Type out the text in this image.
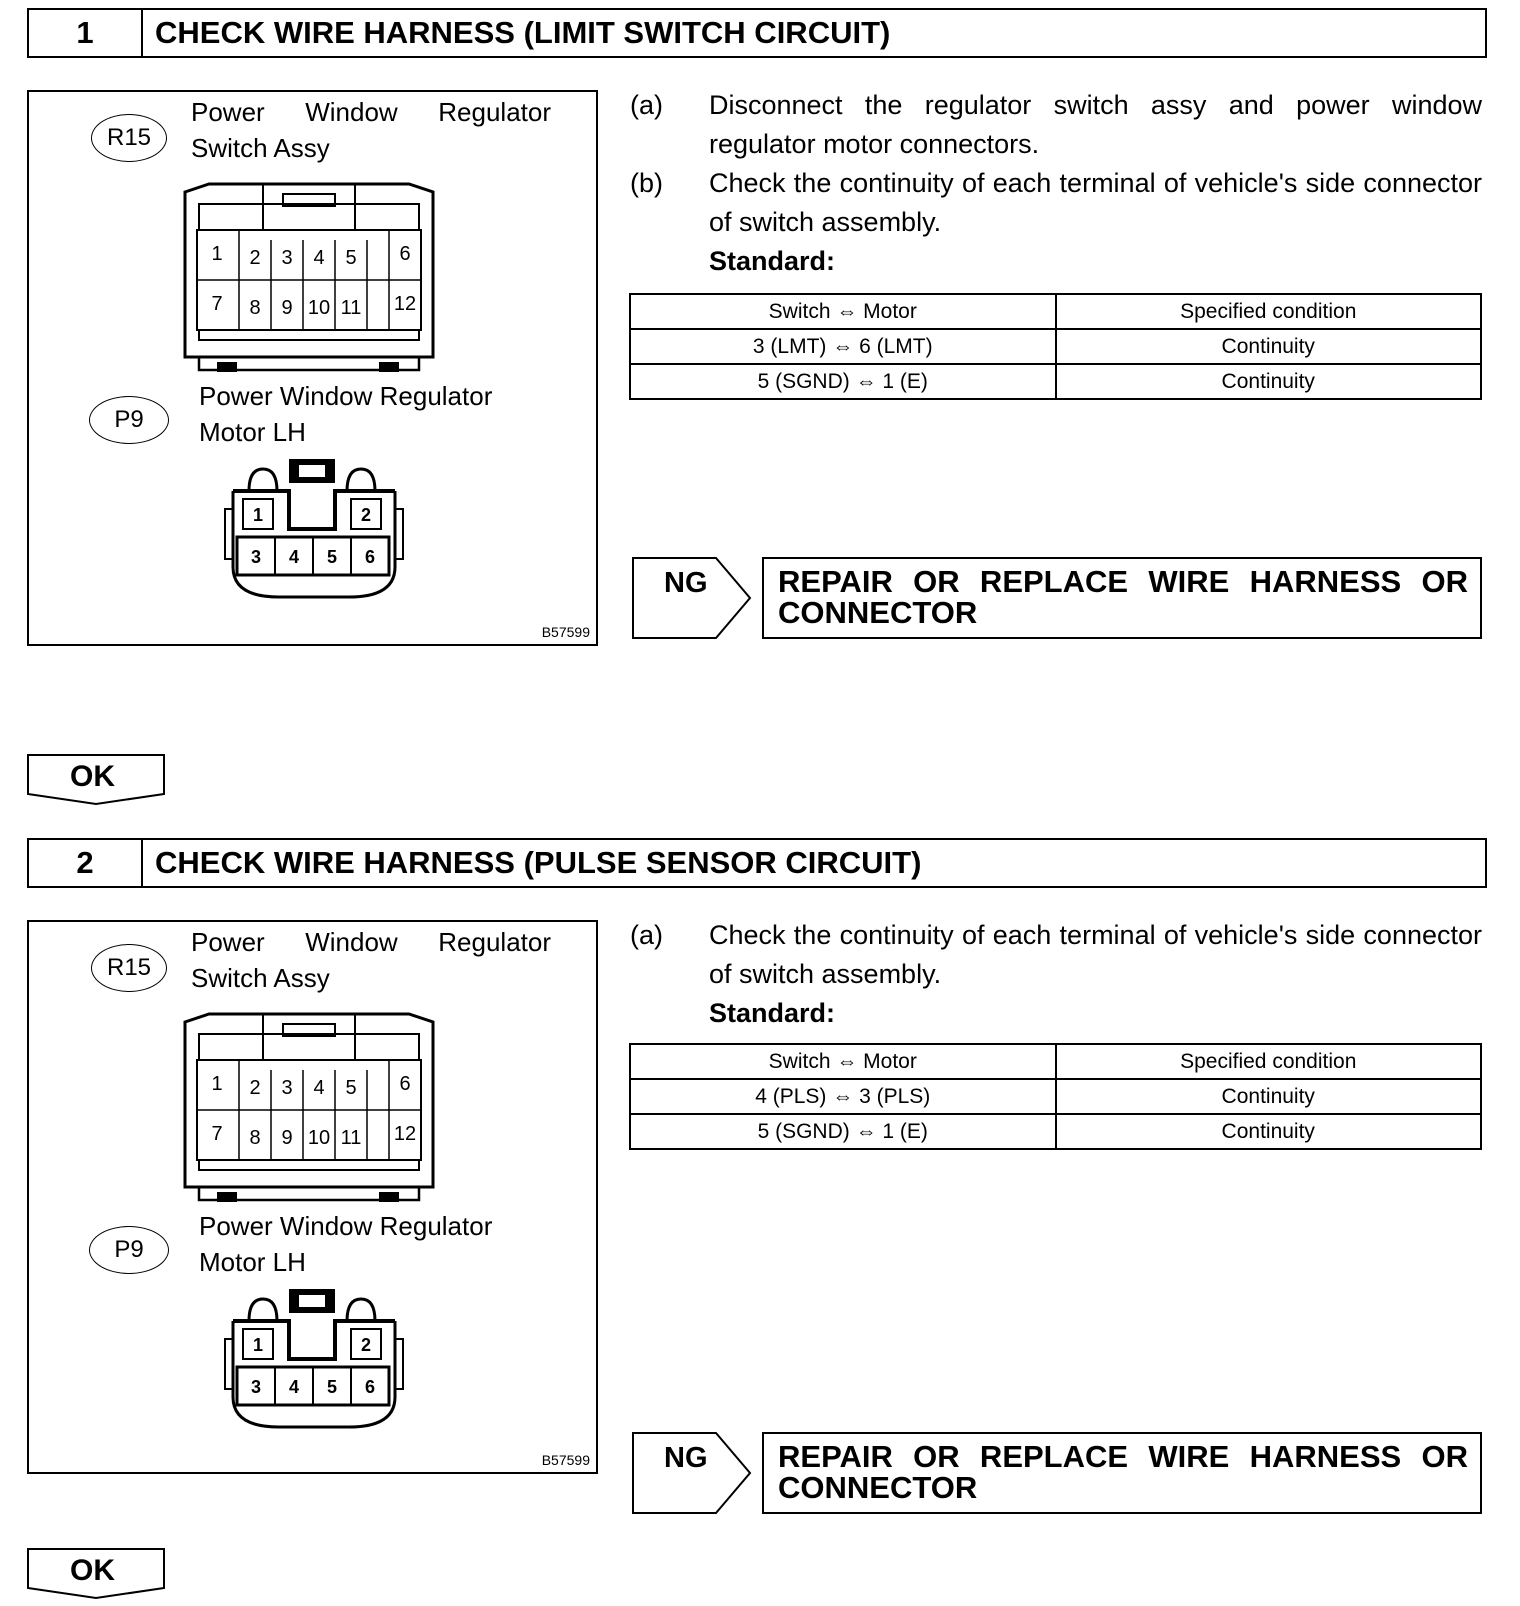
1	CHECK WIRE HARNESS (LIMIT SWITCH CIRCUIT)
R15
Power Window Regulator
Switch Assy
1 2 3 4 5 6
7 8 9 10 11 12
P9
Power Window Regulator
Motor LH
1	2
3 4 5 6
B57599
(a)	Disconnect the regulator switch assy and power window regulator motor connectors.
(b)	Check the continuity of each terminal of vehicle's side connector of switch assembly.
Standard:
Switch ⇔ Motor	Specified condition
3 (LMT) ⇔ 6 (LMT)	Continuity
5 (SGND) ⇔ 1 (E)	Continuity
NG REPAIR OR REPLACE WIRE HARNESS OR
CONNECTOR
OK
2	CHECK WIRE HARNESS (PULSE SENSOR CIRCUIT)
R15
Power Window Regulator
Switch Assy
1 2 3 4 5 6
7 8 9 10 11 12
P9
Power Window Regulator
Motor LH
1	2
3 4 5 6
B57599
(a)	Check the continuity of each terminal of vehicle's side connector of switch assembly.
Standard:
Switch ⇔ Motor	Specified condition
4 (PLS) ⇔ 3 (PLS)	Continuity
5 (SGND) ⇔ 1 (E)	Continuity
NG REPAIR OR REPLACE WIRE HARNESS OR
CONNECTOR
OK
